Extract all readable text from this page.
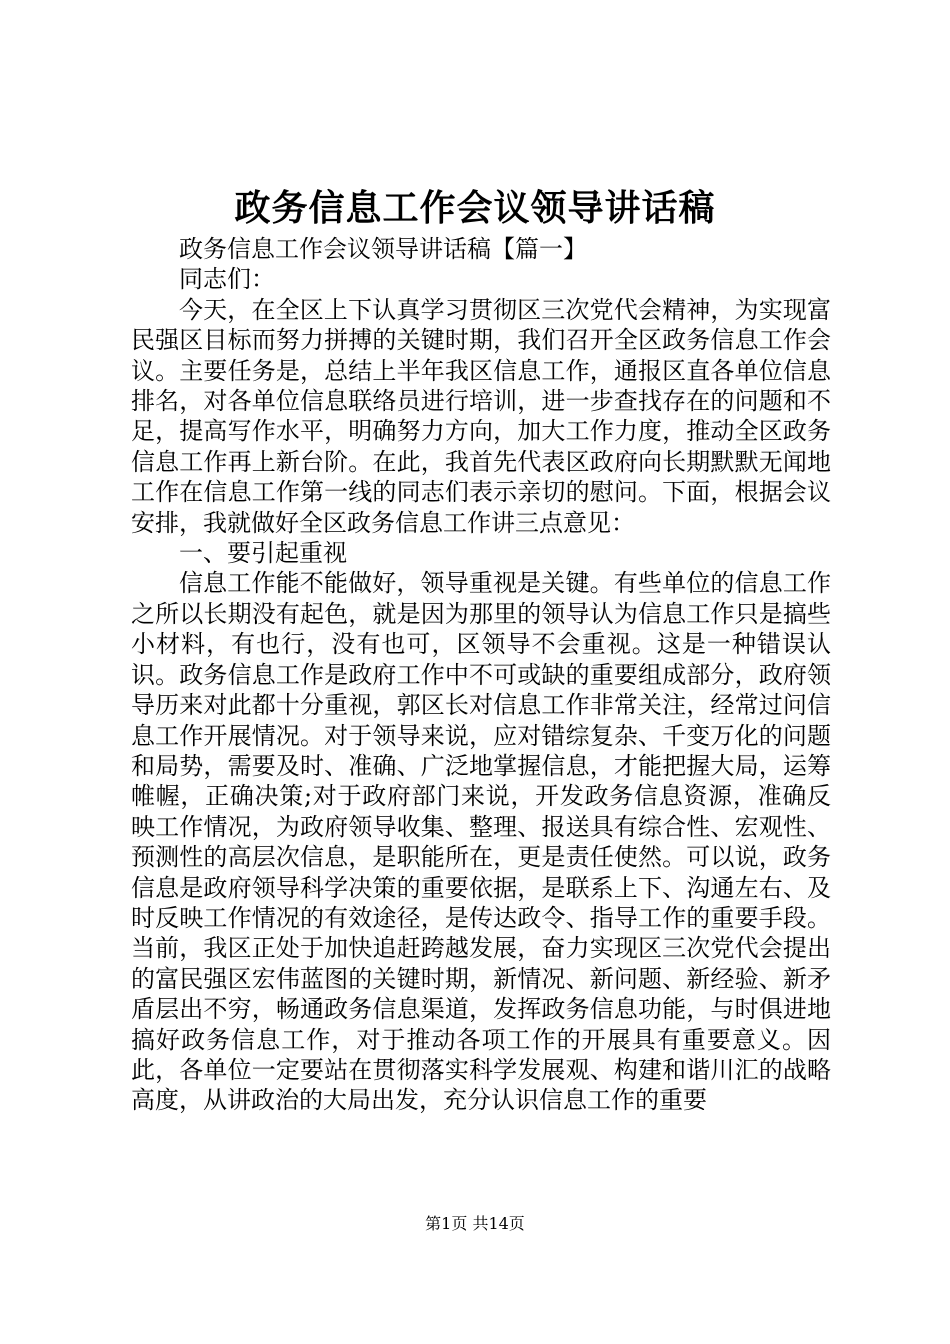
政务信息工作会议领导讲话稿

政务信息工作会议领导讲话稿【篇一】

同志们：

今天，在全区上下认真学习贯彻区三次党代会精神，为实现富民强区目标而努力拼搏的关键时期，我们召开全区政务信息工作会议。主要任务是，总结上半年我区信息工作，通报区直各单位信息排名，对各单位信息联络员进行培训，进一步查找存在的问题和不足，提高写作水平，明确努力方向，加大工作力度，推动全区政务信息工作再上新台阶。在此，我首先代表区政府向长期默默无闻地工作在信息工作第一线的同志们表示亲切的慰问。下面，根据会议安排，我就做好全区政务信息工作讲三点意见：

一、要引起重视

信息工作能不能做好，领导重视是关键。有些单位的信息工作之所以长期没有起色，就是因为那里的领导认为信息工作只是搞些小材料，有也行，没有也可，区领导不会重视。这是一种错误认识。政务信息工作是政府工作中不可或缺的重要组成部分，政府领导历来对此都十分重视，郭区长对信息工作非常关注，经常过问信息工作开展情况。对于领导来说，应对错综复杂、千变万化的问题和局势，需要及时、准确、广泛地掌握信息，才能把握大局，运筹帷幄，正确决策;对于政府部门来说，开发政务信息资源，准确反映工作情况，为政府领导收集、整理、报送具有综合性、宏观性、预测性的高层次信息，是职能所在，更是责任使然。可以说，政务信息是政府领导科学决策的重要依据，是联系上下、沟通左右、及时反映工作情况的有效途径，是传达政令、指导工作的重要手段。当前，我区正处于加快追赶跨越发展，奋力实现区三次党代会提出的富民强区宏伟蓝图的关键时期，新情况、新问题、新经验、新矛盾层出不穷，畅通政务信息渠道，发挥政务信息功能，与时俱进地搞好政务信息工作，对于推动各项工作的开展具有重要意义。因此，各单位一定要站在贯彻落实科学发展观、构建和谐川汇的战略高度，从讲政治的大局出发，充分认识信息工作的重要

第1页 共14页
